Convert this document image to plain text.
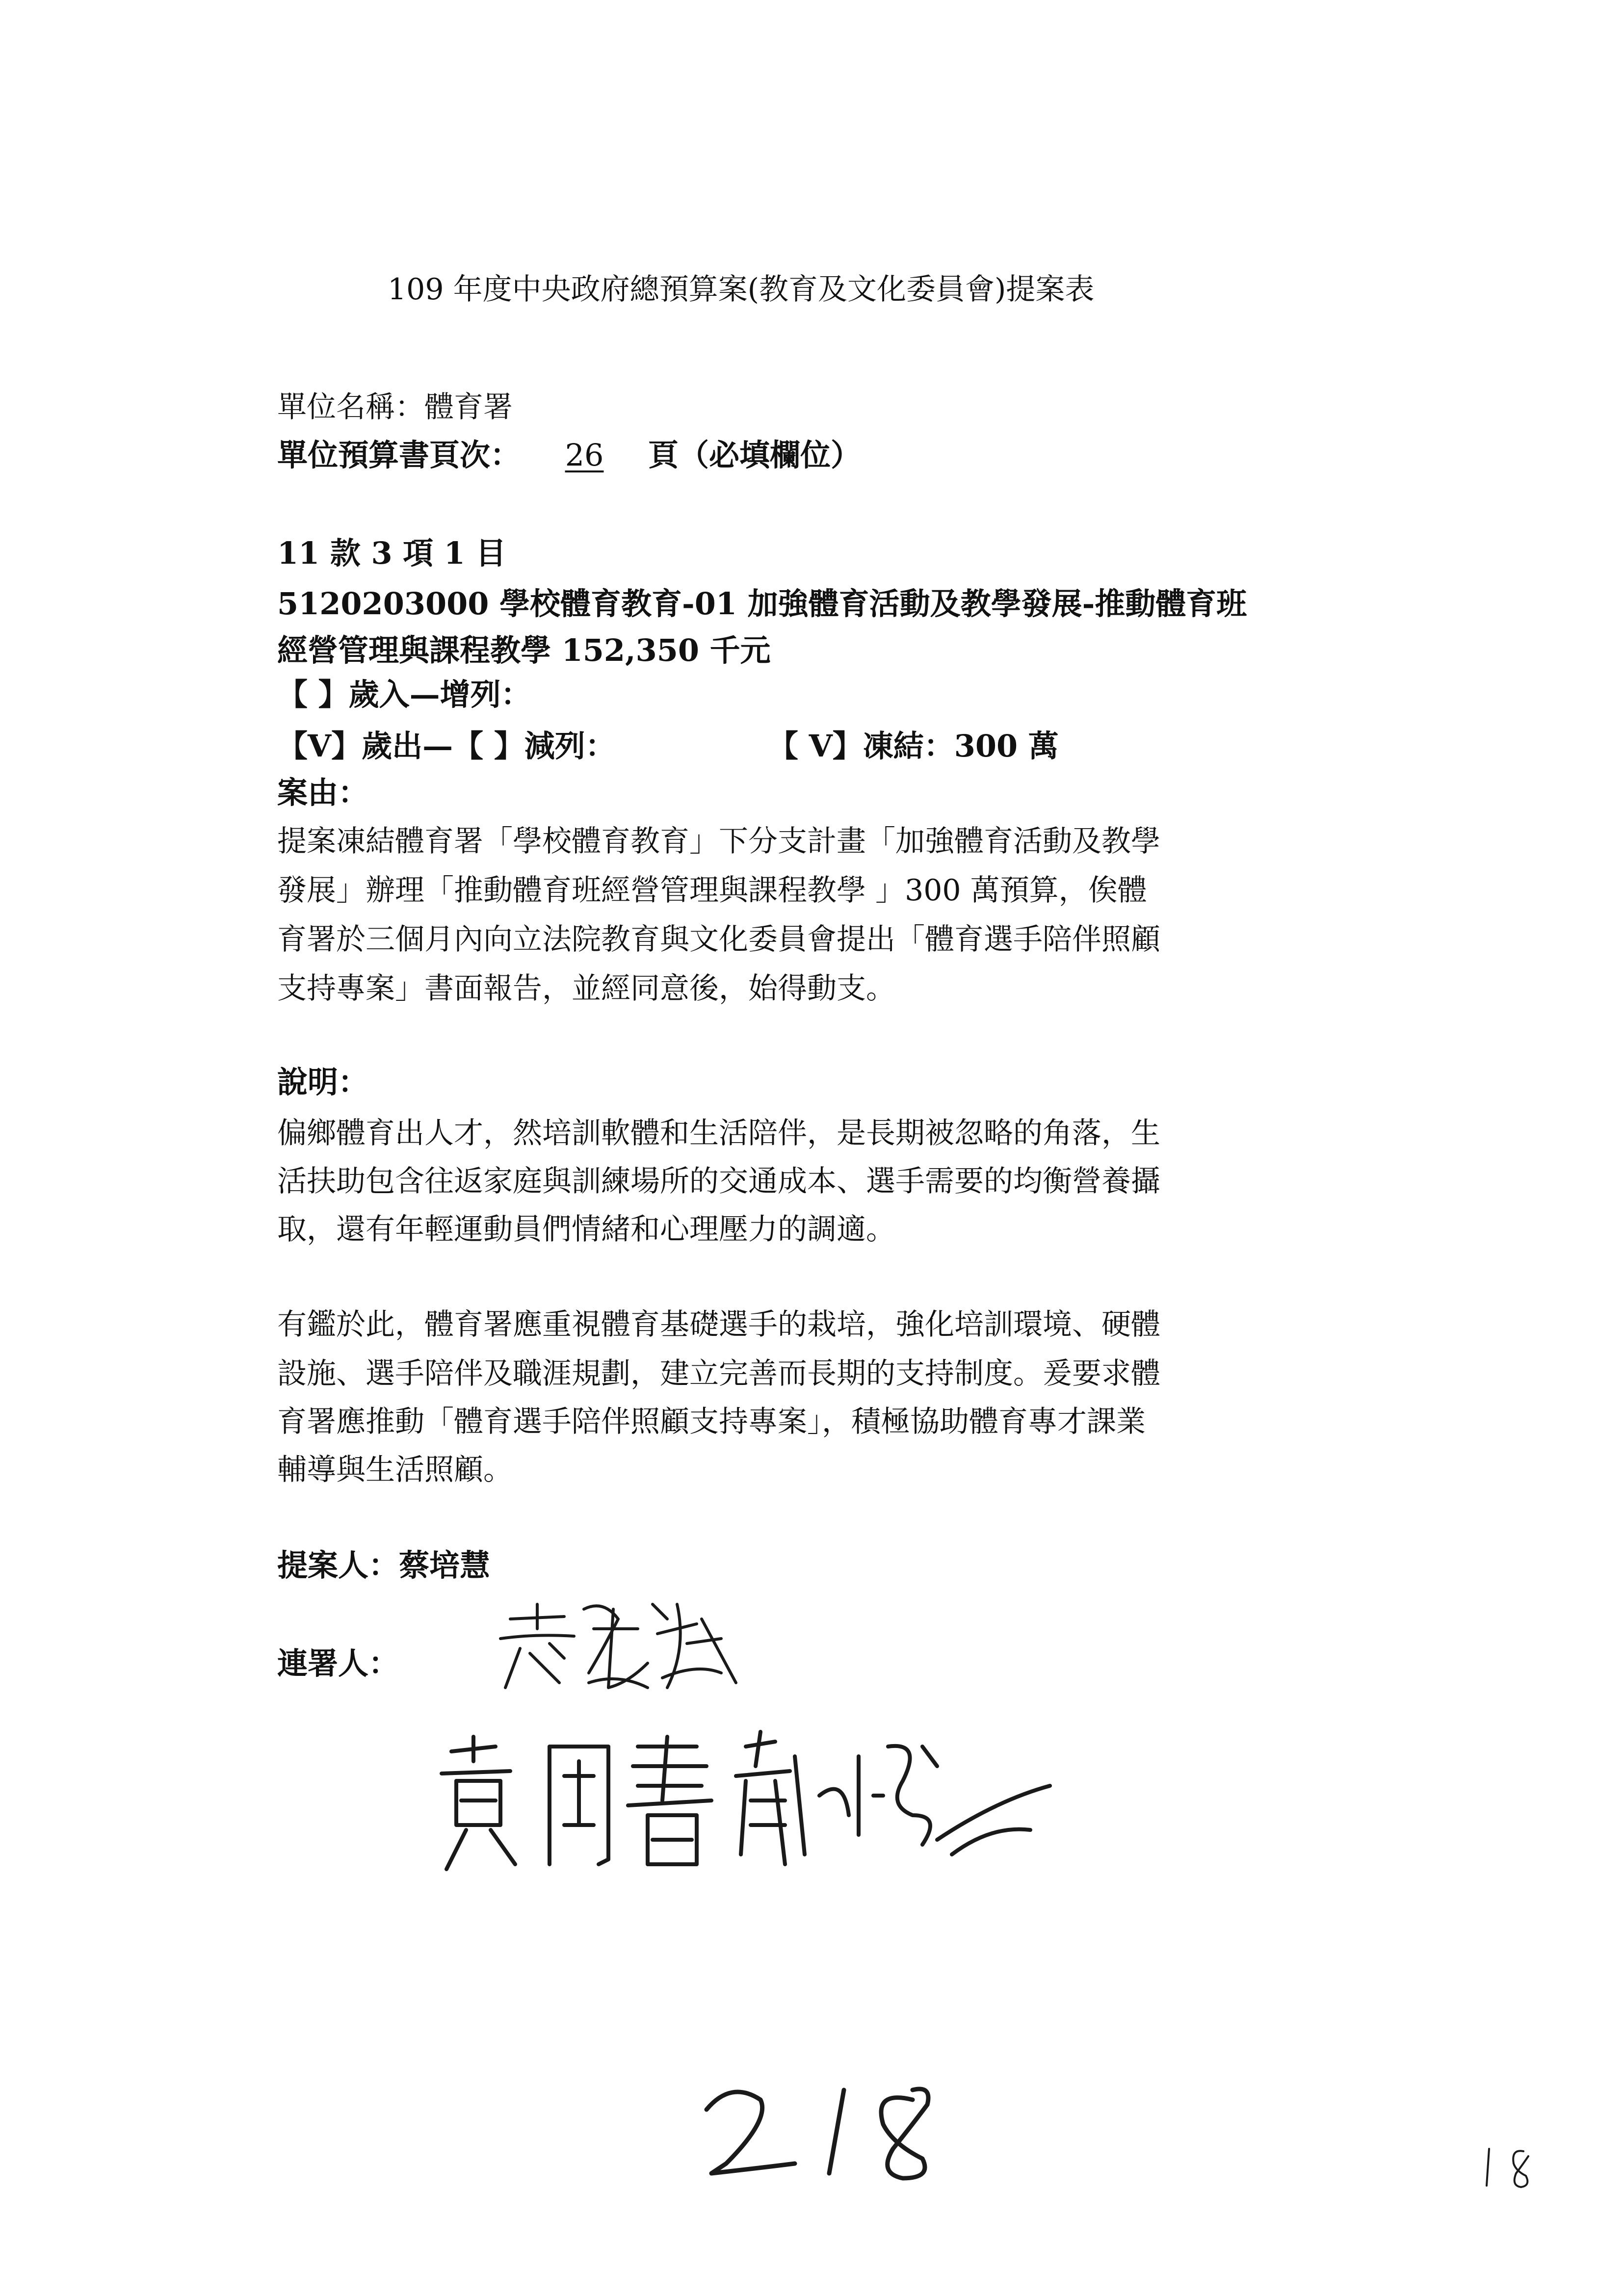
109 年度中央政府總預算案(教育及文化委員會)提案表
單位名稱：體育署
單位預算書頁次： 26 頁（必填欄位）
11 款 3 項 1 目
5120203000 學校體育教育-01 加強體育活動及教學發展-推動體育班
經營管理與課程教學 152,350 千元
【 】歲入—增列：
【V】歲出—【 】減列：	【 V】凍結：300 萬
案由：
提案凍結體育署「學校體育教育」下分支計畫「加強體育活動及教學
發展」辦理「推動體育班經營管理與課程教學 」300 萬預算，俟體
育署於三個月內向立法院教育與文化委員會提出「體育選手陪伴照顧
支持專案」書面報告，並經同意後，始得動支。
說明：
偏鄉體育出人才，然培訓軟體和生活陪伴，是長期被忽略的角落，生
活扶助包含往返家庭與訓練場所的交通成本、選手需要的均衡營養攝
取，還有年輕運動員們情緒和心理壓力的調適。
有鑑於此，體育署應重視體育基礎選手的栽培，強化培訓環境、硬體
設施、選手陪伴及職涯規劃，建立完善而長期的支持制度。爰要求體
育署應推動「體育選手陪伴照顧支持專案」，積極協助體育專才課業
輔導與生活照顧。
提案人：蔡培慧
連署人：
